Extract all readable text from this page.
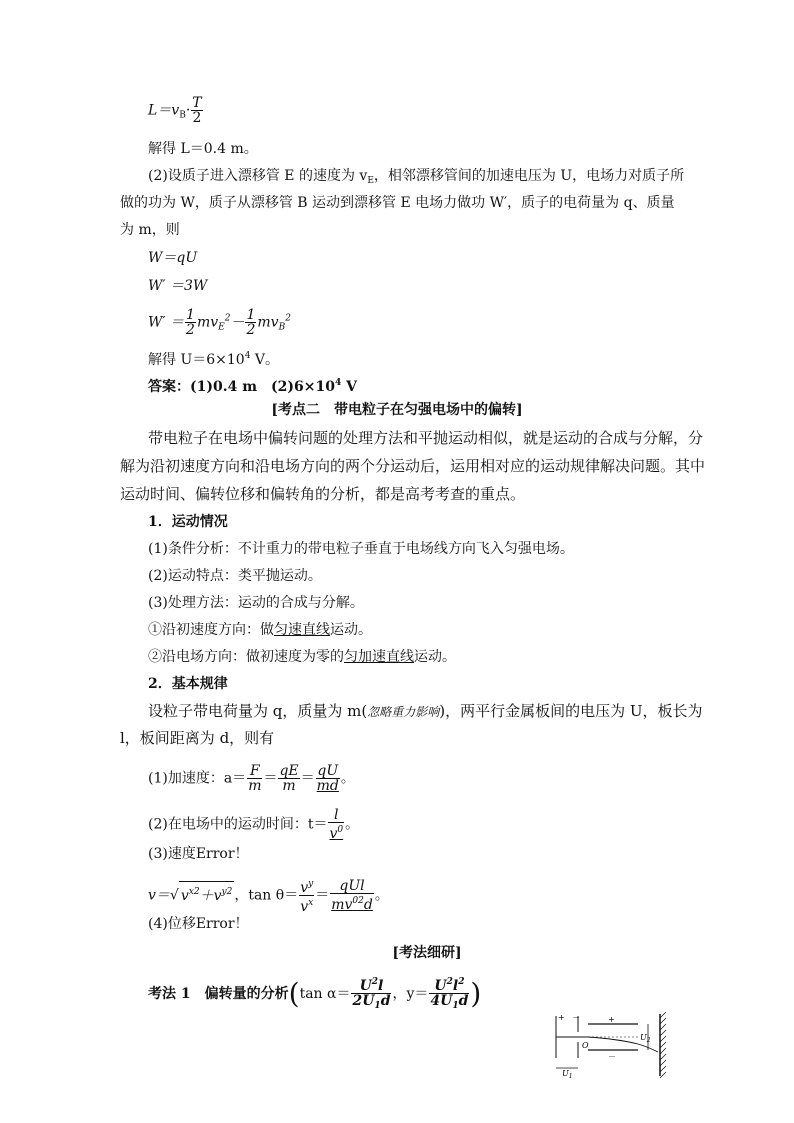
$L=v_B\cdot \frac{T}{2}$
解得 L＝0.4 m。
(2)设质子进入漂移管 E 的速度为 $v_E$，相邻漂移管间的加速电压为 U，电场力对质子所
做的功为 W，质子从漂移管 B 运动到漂移管 E 电场力做功 W′，质子的电荷量为 q、质量
为 m，则
W＝qU
W′ ＝3W
$W' = \frac{1}{2} mv_E^2- \frac{1}{2} mv_B^2$
解得 $U=6\times 10^4$ V。
答案：(1)0.4 m　$(2)6\times 10^4$ V
[考点二　带电粒子在匀强电场中的偏转]
带电粒子在电场中偏转问题的处理方法和平抛运动相似，就是运动的合成与分解，分
解为沿初速度方向和沿电场方向的两个分运动后，运用相对应的运动规律解决问题。其中
运动时间、偏转位移和偏转角的分析，都是高考考查的重点。
1．运动情况
(1)条件分析：不计重力的带电粒子垂直于电场线方向飞入匀强电场。
(2)运动特点：类平抛运动。
(3)处理方法：运动的合成与分解。
①沿初速度方向：做匀速直线运动。
②沿电场方向：做初速度为零的匀加速直线运动。
2．基本规律
设粒子带电荷量为 q，质量为 m(忽略重力影响)，两平行金属板间的电压为 U，板长为
l，板间距离为 d，则有
(1)加速度：$a= \frac{F}{m} = \frac{qE}{m} = \frac{qU}{md}$ 。
(2)在电场中的运动时间：$t= \frac{l}{v^0}$ 。
(3)速度Error！
v＝√ $v^{x2}+v^{y2}$ ，$\tan \theta= \frac{v^y}{v^x} = \frac{\text{qUl}}{mv^{02}d}$ 。
(4)位移Error！
[考法细研]
考法 1　偏转量的分析(tan $\alpha= \frac{U^2l}{2U_1d}$ ，$y= \frac{U^2l^2}{4U_1d}$ )
+ －	+
－
O
$U_1$
$U_2$
